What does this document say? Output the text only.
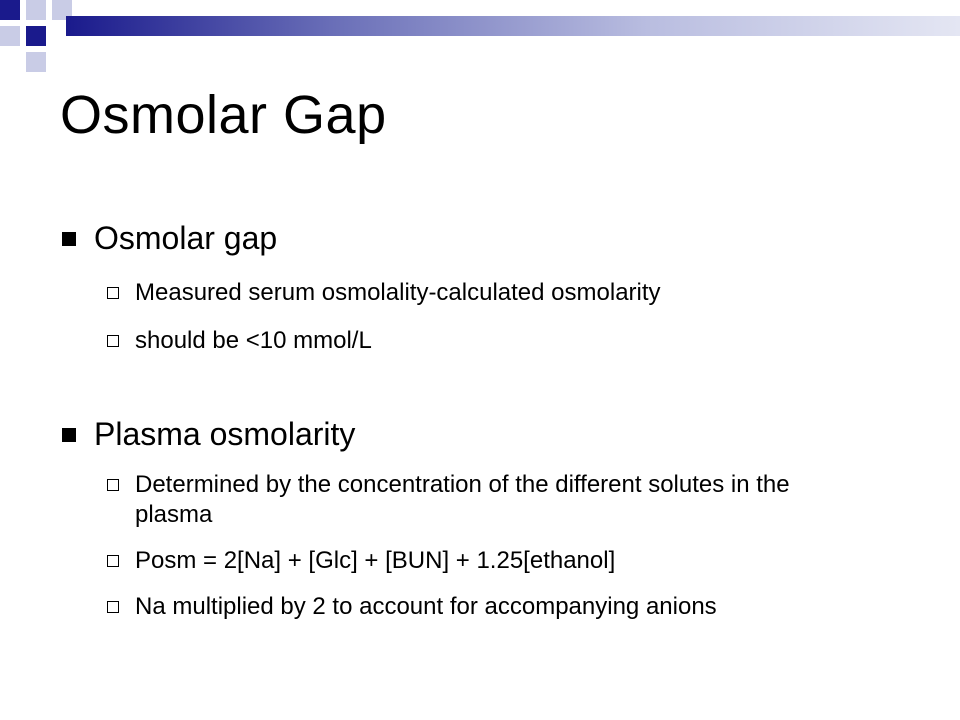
Osmolar Gap
Osmolar gap
Measured serum osmolality-calculated osmolarity
should be <10 mmol/L
Plasma osmolarity
Determined by the concentration of the different solutes in the plasma
Posm = 2[Na] + [Glc] + [BUN] + 1.25[ethanol]
Na multiplied by 2 to account for accompanying anions
